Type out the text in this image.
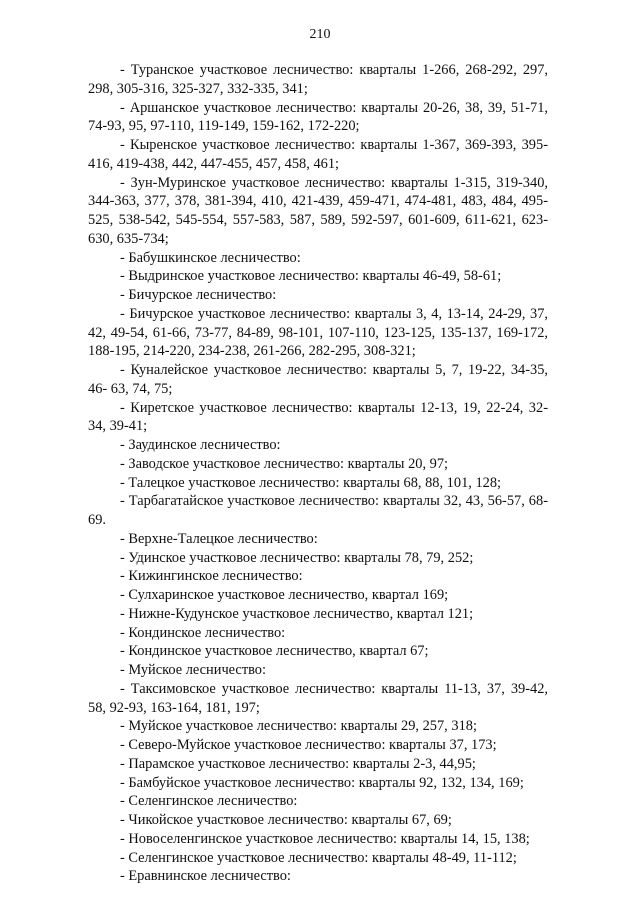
210
- Туранское участковое лесничество: кварталы 1-266, 268-292, 297,
298, 305-316, 325-327, 332-335, 341;
- Аршанское участковое лесничество: кварталы 20-26, 38, 39, 51-71,
74-93, 95, 97-110, 119-149, 159-162, 172-220;
- Кыренское участковое лесничество: кварталы 1-367, 369-393, 395-
416, 419-438, 442, 447-455, 457, 458, 461;
- Зун-Муринское участковое лесничество: кварталы 1-315, 319-340,
344-363, 377, 378, 381-394, 410, 421-439, 459-471, 474-481, 483, 484, 495-
525, 538-542, 545-554, 557-583, 587, 589, 592-597, 601-609, 611-621, 623-
630, 635-734;
- Бабушкинское лесничество:
- Выдринское участковое лесничество: кварталы 46-49, 58-61;
- Бичурское лесничество:
- Бичурское участковое лесничество: кварталы 3, 4, 13-14, 24-29, 37,
42, 49-54, 61-66, 73-77, 84-89, 98-101, 107-110, 123-125, 135-137, 169-172,
188-195, 214-220, 234-238, 261-266, 282-295, 308-321;
- Куналейское участковое лесничество: кварталы 5, 7, 19-22, 34-35,
46- 63, 74, 75;
- Киретское участковое лесничество: кварталы 12-13, 19, 22-24, 32-
34, 39-41;
- Заудинское лесничество:
- Заводское участковое лесничество: кварталы 20, 97;
- Талецкое участковое лесничество: кварталы 68, 88, 101, 128;
- Тарбагатайское участковое лесничество: кварталы 32, 43, 56-57, 68-
69.
- Верхне-Талецкое лесничество:
- Удинское участковое лесничество: кварталы 78, 79, 252;
- Кижингинское лесничество:
- Сулхаринское участковое лесничество, квартал 169;
- Нижне-Кудунское участковое лесничество, квартал 121;
- Кондинское лесничество:
- Кондинское участковое лесничество, квартал 67;
- Муйское лесничество:
- Таксимовское участковое лесничество: кварталы 11-13, 37, 39-42,
58, 92-93, 163-164, 181, 197;
- Муйское участковое лесничество: кварталы 29, 257, 318;
- Северо-Муйское участковое лесничество: кварталы 37, 173;
- Парамское участковое лесничество: кварталы 2-3, 44,95;
- Бамбуйское участковое лесничество: кварталы 92, 132, 134, 169;
- Селенгинское лесничество:
- Чикойское участковое лесничество: кварталы 67, 69;
- Новоселенгинское участковое лесничество: кварталы 14, 15, 138;
- Селенгинское участковое лесничество: кварталы 48-49, 11-112;
- Еравнинское лесничество:
